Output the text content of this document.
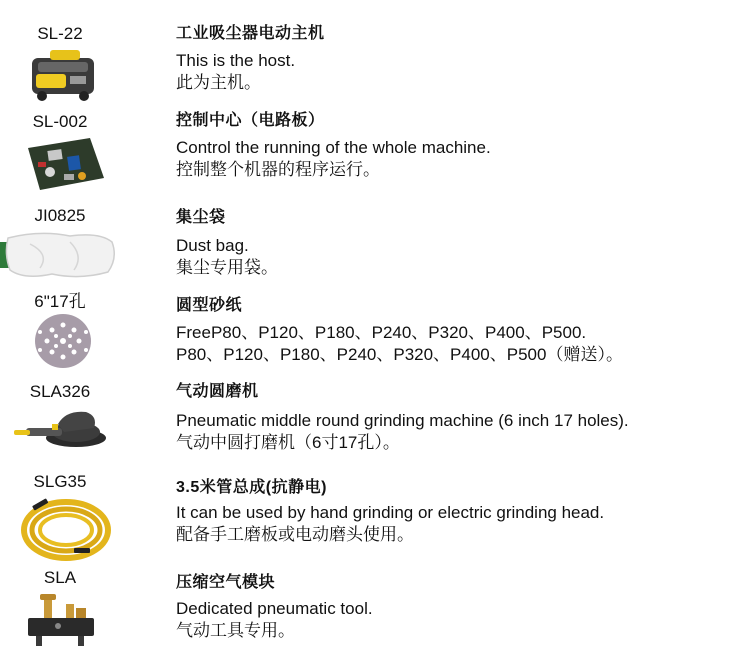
SL-22	工业吸尘器电动主机
This is the host.
此为主机。
SL-002	控制中心（电路板）
Control the running of the whole machine.
控制整个机器的程序运行。
JI0825	集尘袋
Dust bag.
集尘专用袋。
6"17孔	圆型砂纸
FreeP80、P120、P180、P240、P320、P400、P500.
P80、P120、P180、P240、P320、P400、P500（赠送）。
SLA326	气动圆磨机
Pneumatic middle round grinding machine (6 inch 17 holes).
气动中圆打磨机（6寸17孔）。
SLG35	3.5米管总成(抗静电)
It can be used by hand grinding or electric grinding head.
配备手工磨板或电动磨头使用。
SLA	压缩空气模块
Dedicated pneumatic tool.
气动工具专用。
